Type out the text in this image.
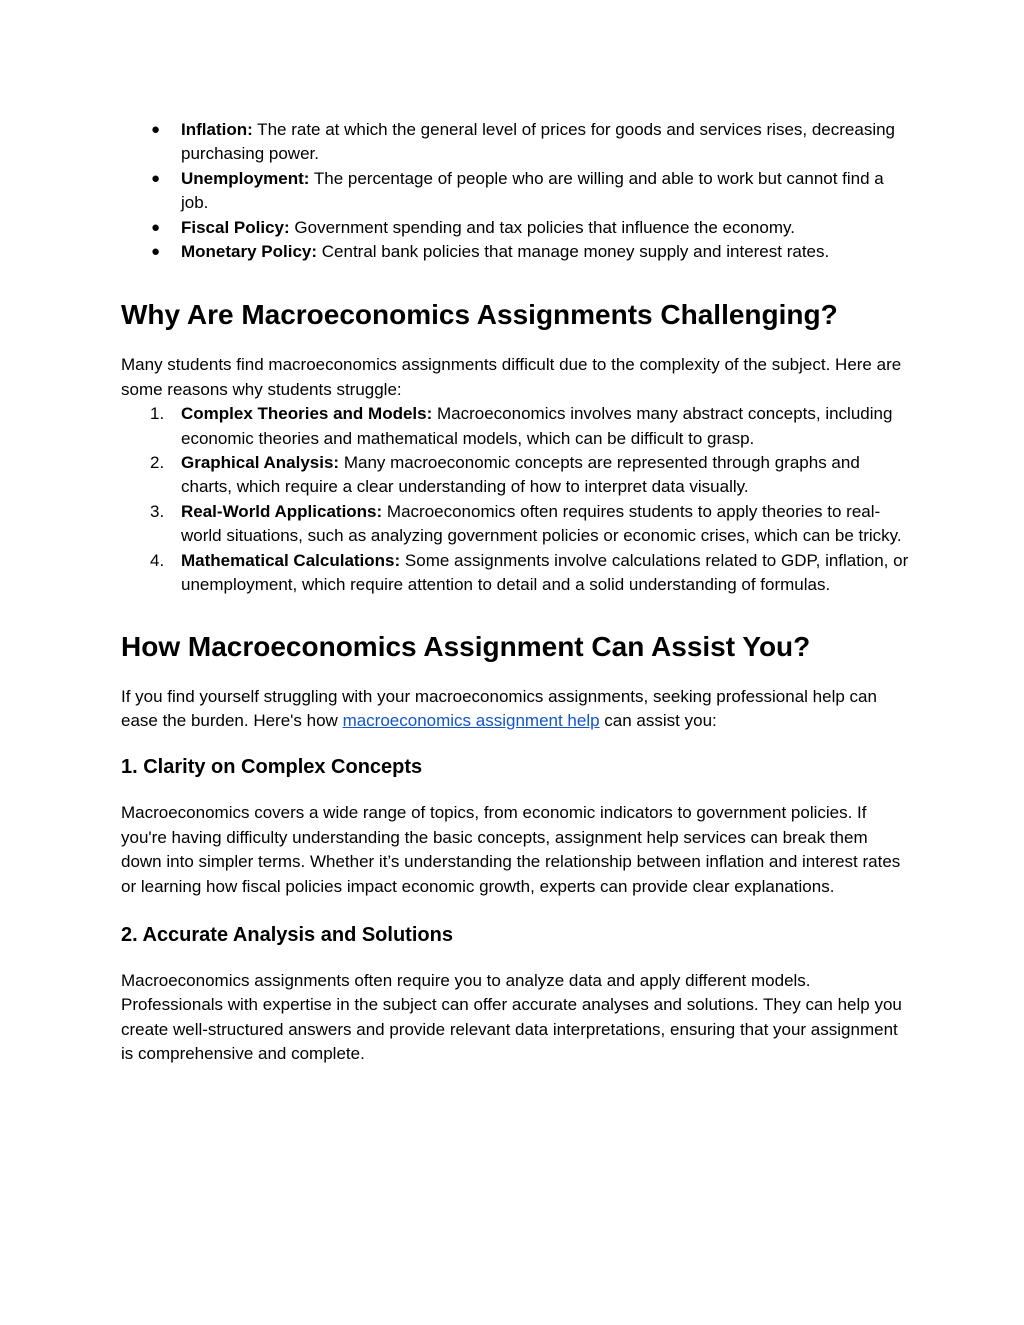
●	Inflation: The rate at which the general level of prices for goods and services rises, decreasing purchasing power.
●	Unemployment: The percentage of people who are willing and able to work but cannot find a job.
●	Fiscal Policy: Government spending and tax policies that influence the economy.
●	Monetary Policy: Central bank policies that manage money supply and interest rates.
Why Are Macroeconomics Assignments Challenging?

Many students find macroeconomics assignments difficult due to the complexity of the subject. Here are some reasons why students struggle:

1. Complex Theories and Models: Macroeconomics involves many abstract concepts, including economic theories and mathematical models, which can be difficult to grasp.
2. Graphical Analysis: Many macroeconomic concepts are represented through graphs and charts, which require a clear understanding of how to interpret data visually.
3. Real-World Applications: Macroeconomics often requires students to apply theories to real-world situations, such as analyzing government policies or economic crises, which can be tricky.
4. Mathematical Calculations: Some assignments involve calculations related to GDP, inflation, or unemployment, which require attention to detail and a solid understanding of formulas.
How Macroeconomics Assignment Can Assist You?

If you find yourself struggling with your macroeconomics assignments, seeking professional help can ease the burden. Here's how macroeconomics assignment help can assist you:

1. Clarity on Complex Concepts

Macroeconomics covers a wide range of topics, from economic indicators to government policies. If you're having difficulty understanding the basic concepts, assignment help services can break them down into simpler terms. Whether it’s understanding the relationship between inflation and interest rates or learning how fiscal policies impact economic growth, experts can provide clear explanations.

2. Accurate Analysis and Solutions

Macroeconomics assignments often require you to analyze data and apply different models. Professionals with expertise in the subject can offer accurate analyses and solutions. They can help you create well-structured answers and provide relevant data interpretations, ensuring that your assignment is comprehensive and complete.
